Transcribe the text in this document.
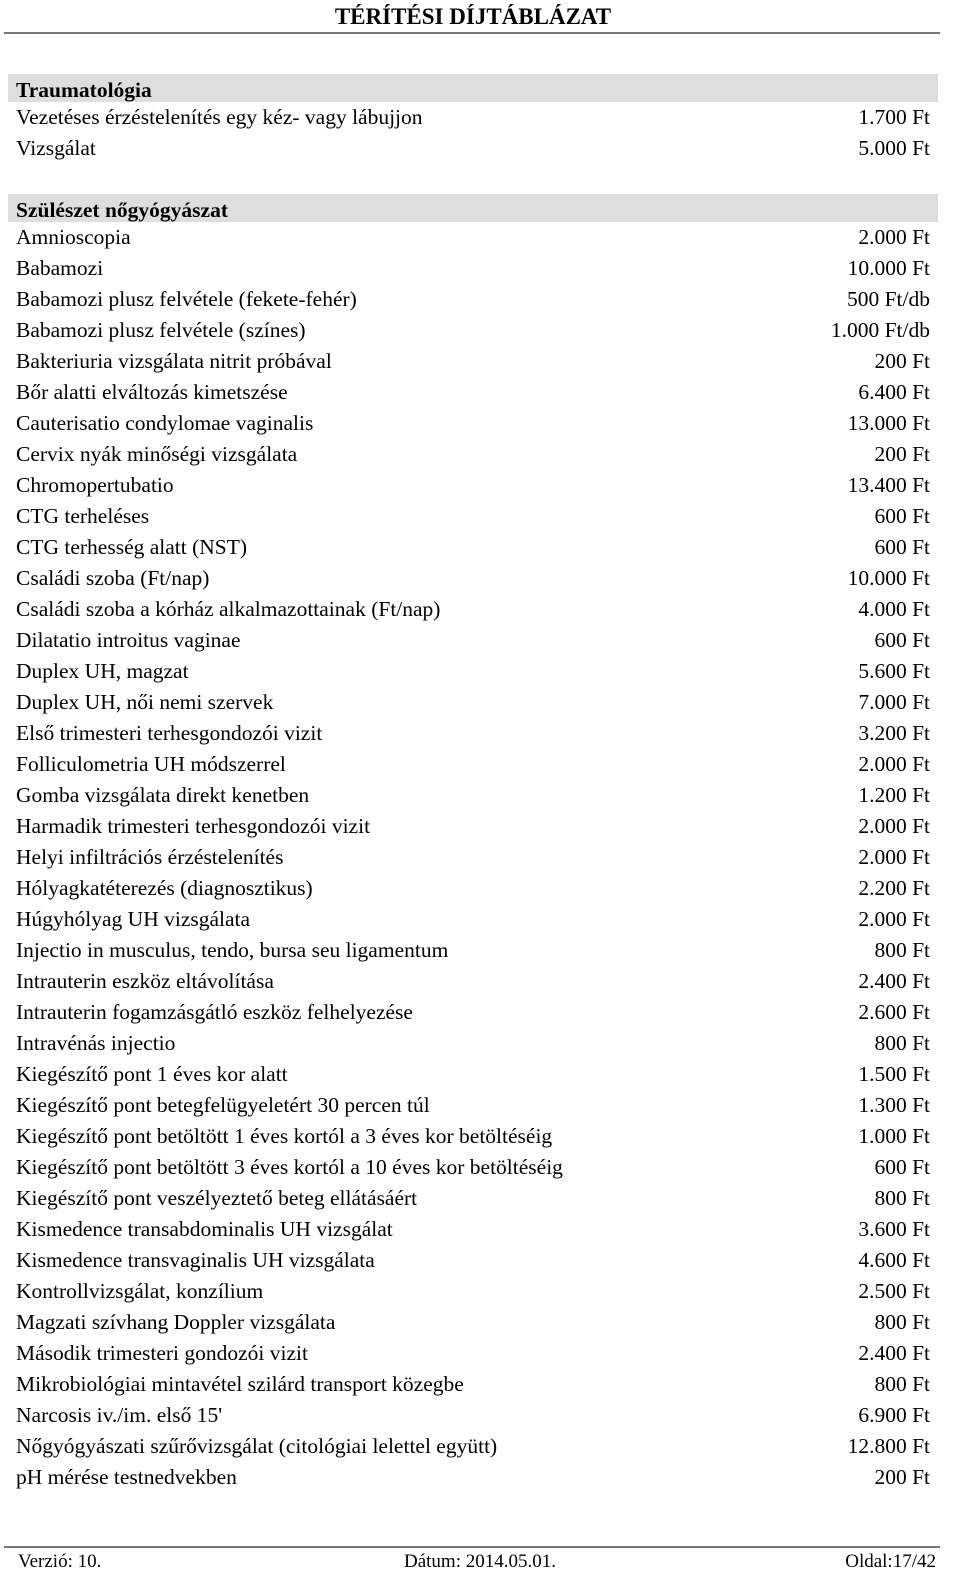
TÉRÍTÉSI DÍJTÁBLÁZAT
Traumatológia
Vezetéses érzéstelenítés egy kéz- vagy lábujjon	1.700 Ft
Vizsgálat	5.000 Ft
Szülészet nőgyógyászat
Amnioscopia	2.000 Ft
Babamozi	10.000 Ft
Babamozi plusz felvétele (fekete-fehér)	500 Ft/db
Babamozi plusz felvétele (színes)	1.000 Ft/db
Bakteriuria vizsgálata nitrit próbával	200 Ft
Bőr alatti elváltozás kimetszése	6.400 Ft
Cauterisatio condylomae vaginalis	13.000 Ft
Cervix nyák minőségi vizsgálata	200 Ft
Chromopertubatio	13.400 Ft
CTG terheléses	600 Ft
CTG terhesség alatt (NST)	600 Ft
Családi szoba (Ft/nap)	10.000 Ft
Családi szoba a kórház alkalmazottainak (Ft/nap)	4.000 Ft
Dilatatio introitus vaginae	600 Ft
Duplex UH, magzat	5.600 Ft
Duplex UH, női nemi szervek	7.000 Ft
Első trimesteri terhesgondozói vizit	3.200 Ft
Folliculometria UH módszerrel	2.000 Ft
Gomba vizsgálata direkt kenetben	1.200 Ft
Harmadik trimesteri terhesgondozói vizit	2.000 Ft
Helyi infiltrációs érzéstelenítés	2.000 Ft
Hólyagkatéterezés (diagnosztikus)	2.200 Ft
Húgyhólyag UH vizsgálata	2.000 Ft
Injectio in musculus, tendo, bursa seu ligamentum	800 Ft
Intrauterin eszköz eltávolítása	2.400 Ft
Intrauterin fogamzásgátló eszköz felhelyezése	2.600 Ft
Intravénás injectio	800 Ft
Kiegészítő pont 1 éves kor alatt	1.500 Ft
Kiegészítő pont betegfelügyeletért 30 percen túl	1.300 Ft
Kiegészítő pont betöltött 1 éves kortól a 3 éves kor betöltéséig	1.000 Ft
Kiegészítő pont betöltött 3 éves kortól a 10 éves kor betöltéséig	600 Ft
Kiegészítő pont veszélyeztető beteg ellátásáért	800 Ft
Kismedence transabdominalis UH vizsgálat	3.600 Ft
Kismedence transvaginalis UH vizsgálata	4.600 Ft
Kontrollvizsgálat, konzílium	2.500 Ft
Magzati szívhang Doppler vizsgálata	800 Ft
Második trimesteri gondozói vizit	2.400 Ft
Mikrobiológiai mintavétel szilárd transport közegbe	800 Ft
Narcosis iv./im. első 15'	6.900 Ft
Nőgyógyászati szűrővizsgálat (citológiai lelettel együtt)	12.800 Ft
pH mérése testnedvekben	200 Ft
Verzió: 10.	Dátum: 2014.05.01.	Oldal:17/42
